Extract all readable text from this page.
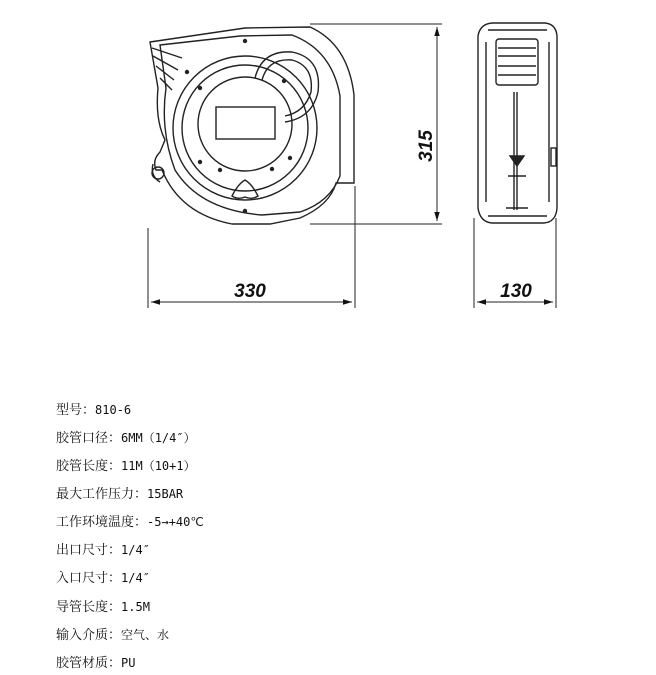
315
330	130
型号：810-6
胶管口径：6MM（1/4″）
胶管长度：11M（10+1）
最大工作压力：15BAR
工作环境温度：-5→+40℃
出口尺寸：1/4″
入口尺寸：1/4″
导管长度：1.5M
输入介质：空气、水
胶管材质：PU
